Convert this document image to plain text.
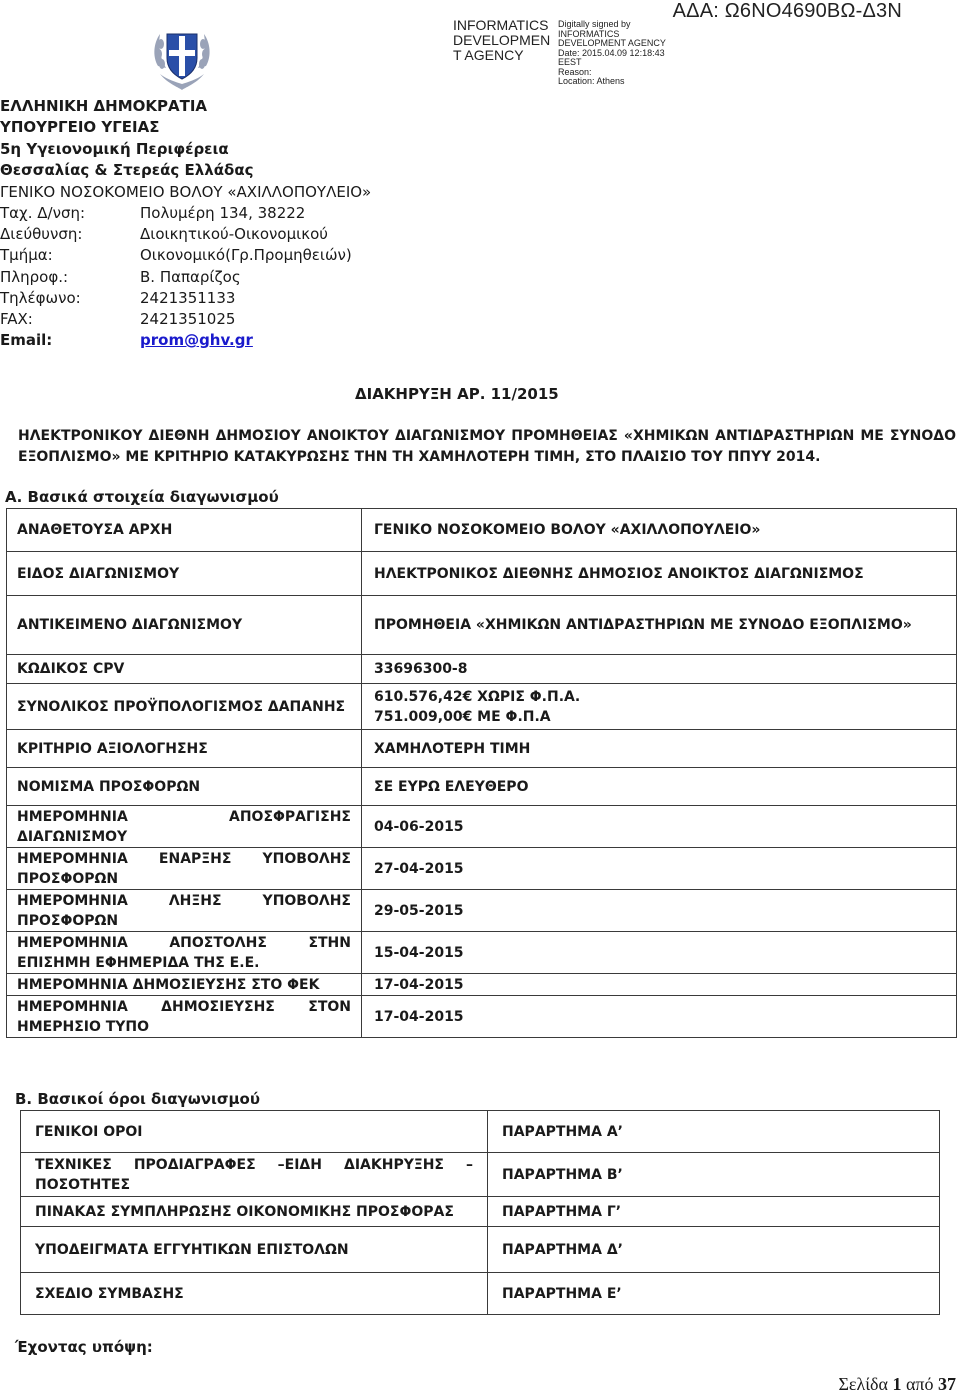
INFORMATICS DEVELOPMEN T AGENCY
Digitally signed by
INFORMATICS
DEVELOPMENT AGENCY
Date: 2015.04.09 12:18:43
EEST
Reason:
Location: Athens
ΑΔΑ: Ω6ΝΟ4690ΒΩ-Δ3Ν
ΕΛΛΗΝΙΚΗ ΔΗΜΟΚΡΑΤΙΑ
ΥΠΟΥΡΓΕΙΟ ΥΓΕΙΑΣ
5η Υγειονομική Περιφέρεια
Θεσσαλίας & Στερεάς Ελλάδας
ΓΕΝΙΚΟ ΝΟΣΟΚΟΜΕΙΟ ΒΟΛΟΥ «ΑΧΙΛΛΟΠΟΥΛΕΙΟ»
Ταχ. Δ/νση:	Πολυμέρη 134, 38222
Διεύθυνση:	Διοικητικού-Οικονομικού
Τμήμα:	Οικονομικό(Γρ.Προμηθειών)
Πληροφ.:	Β. Παπαρίζος
Τηλέφωνο:	2421351133
FAX:	2421351025
Email:	prom@ghv.gr
ΔΙΑΚΗΡΥΞΗ ΑΡ. 11/2015
ΗΛΕΚΤΡΟΝΙΚΟΥ ΔΙΕΘΝΗ ΔΗΜΟΣΙΟΥ ΑΝΟΙΚΤΟΥ ΔΙΑΓΩΝΙΣΜΟΥ ΠΡΟΜΗΘΕΙΑΣ «ΧΗΜΙΚΩΝ ΑΝΤΙΔΡΑΣΤΗΡΙΩΝ ΜΕ ΣΥΝΟΔΟ ΕΞΟΠΛΙΣΜΟ» ΜΕ ΚΡΙΤΗΡΙΟ ΚΑΤΑΚΥΡΩΣΗΣ ΤΗΝ ΤΗ ΧΑΜΗΛΟΤΕΡΗ ΤΙΜΗ, ΣΤΟ ΠΛΑΙΣΙΟ ΤΟΥ ΠΠΥΥ 2014.
Α. Βασικά στοιχεία διαγωνισμού
ΑΝΑΘΕΤΟΥΣΑ ΑΡΧΗ	ΓΕΝΙΚΟ ΝΟΣΟΚΟΜΕΙΟ ΒΟΛΟΥ «ΑΧΙΛΛΟΠΟΥΛΕΙΟ»
ΕΙΔΟΣ ΔΙΑΓΩΝΙΣΜΟΥ	ΗΛΕΚΤΡΟΝΙΚΟΣ ΔΙΕΘΝΗΣ ΔΗΜΟΣΙΟΣ ΑΝΟΙΚΤΟΣ ΔΙΑΓΩΝΙΣΜΟΣ
ΑΝΤΙΚΕΙΜΕΝΟ ΔΙΑΓΩΝΙΣΜΟΥ	ΠΡΟΜΗΘΕΙΑ «ΧΗΜΙΚΩΝ ΑΝΤΙΔΡΑΣΤΗΡΙΩΝ ΜΕ ΣΥΝΟΔΟ ΕΞΟΠΛΙΣΜΟ»
ΚΩΔΙΚΟΣ CPV	33696300-8
ΣΥΝΟΛΙΚΟΣ ΠΡΟΫΠΟΛΟΓΙΣΜΟΣ ΔΑΠΑΝΗΣ	610.576,42€ ΧΩΡΙΣ Φ.Π.Α.
751.009,00€ ΜΕ Φ.Π.Α

ΚΡΙΤΗΡΙΟ ΑΞΙΟΛΟΓΗΣΗΣ	ΧΑΜΗΛΟΤΕΡΗ ΤΙΜΗ
ΝΟΜΙΣΜΑ ΠΡΟΣΦΟΡΩΝ	ΣΕ ΕΥΡΩ ΕΛΕΥΘΕΡΟ
ΗΜΕΡΟΜΗΝΙΑ ΑΠΟΣΦΡΑΓΙΣΗΣ ΔΙΑΓΩΝΙΣΜΟΥ	04-06-2015
ΗΜΕΡΟΜΗΝΙΑ ΕΝΑΡΞΗΣ ΥΠΟΒΟΛΗΣ ΠΡΟΣΦΟΡΩΝ	27-04-2015
ΗΜΕΡΟΜΗΝΙΑ ΛΗΞΗΣ ΥΠΟΒΟΛΗΣ ΠΡΟΣΦΟΡΩΝ	29-05-2015
ΗΜΕΡΟΜΗΝΙΑ ΑΠΟΣΤΟΛΗΣ ΣΤΗΝ ΕΠΙΣΗΜΗ ΕΦΗΜΕΡΙΔΑ ΤΗΣ Ε.Ε.	15-04-2015
ΗΜΕΡΟΜΗΝΙΑ ΔΗΜΟΣΙΕΥΣΗΣ ΣΤΟ ΦΕΚ	17-04-2015
ΗΜΕΡΟΜΗΝΙΑ ΔΗΜΟΣΙΕΥΣΗΣ ΣΤΟΝ ΗΜΕΡΗΣΙΟ ΤΥΠΟ	17-04-2015
Β. Βασικοί όροι διαγωνισμού
ΓΕΝΙΚΟΙ ΟΡΟΙ	ΠΑΡΑΡΤΗΜΑ Α’
ΤΕΧΝΙΚΕΣ ΠΡΟΔΙΑΓΡΑΦΕΣ –ΕΙΔΗ ΔΙΑΚΗΡΥΞΗΣ – ΠΟΣΟΤΗΤΕΣ	ΠΑΡΑΡΤΗΜΑ Β’
ΠΙΝΑΚΑΣ ΣΥΜΠΛΗΡΩΣΗΣ ΟΙΚΟΝΟΜΙΚΗΣ ΠΡΟΣΦΟΡΑΣ	ΠΑΡΑΡΤΗΜΑ Γ’
ΥΠΟΔΕΙΓΜΑΤΑ ΕΓΓΥΗΤΙΚΩΝ ΕΠΙΣΤΟΛΩΝ	ΠΑΡΑΡΤΗΜΑ Δ’
ΣΧΕΔΙΟ ΣΥΜΒΑΣΗΣ	ΠΑΡΑΡΤΗΜΑ Ε’
Έχοντας υπόψη:
Σελίδα 1 από 37
